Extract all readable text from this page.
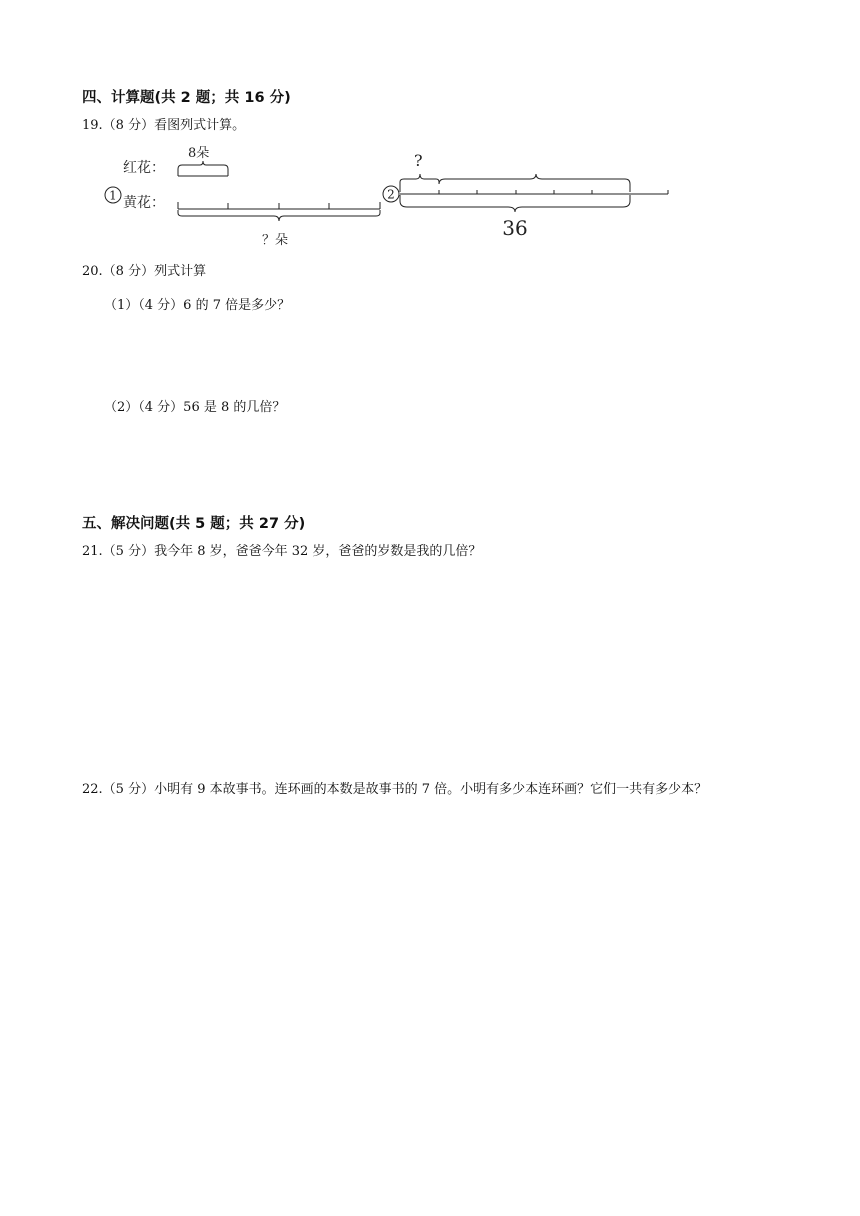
四、计算题(共 2 题；共 16 分)
19.（8 分）看图列式计算。
1
红花：
黄花：
8朵
？朵
2
?
36
20.（8 分）列式计算
（1）（4 分）6 的 7 倍是多少？
（2）（4 分）56 是 8 的几倍？
五、解决问题(共 5 题；共 27 分)
21.（5 分）我今年 8 岁，爸爸今年 32 岁，爸爸的岁数是我的几倍？
22.（5 分）小明有 9 本故事书。连环画的本数是故事书的 7 倍。小明有多少本连环画？它们一共有多少本？
